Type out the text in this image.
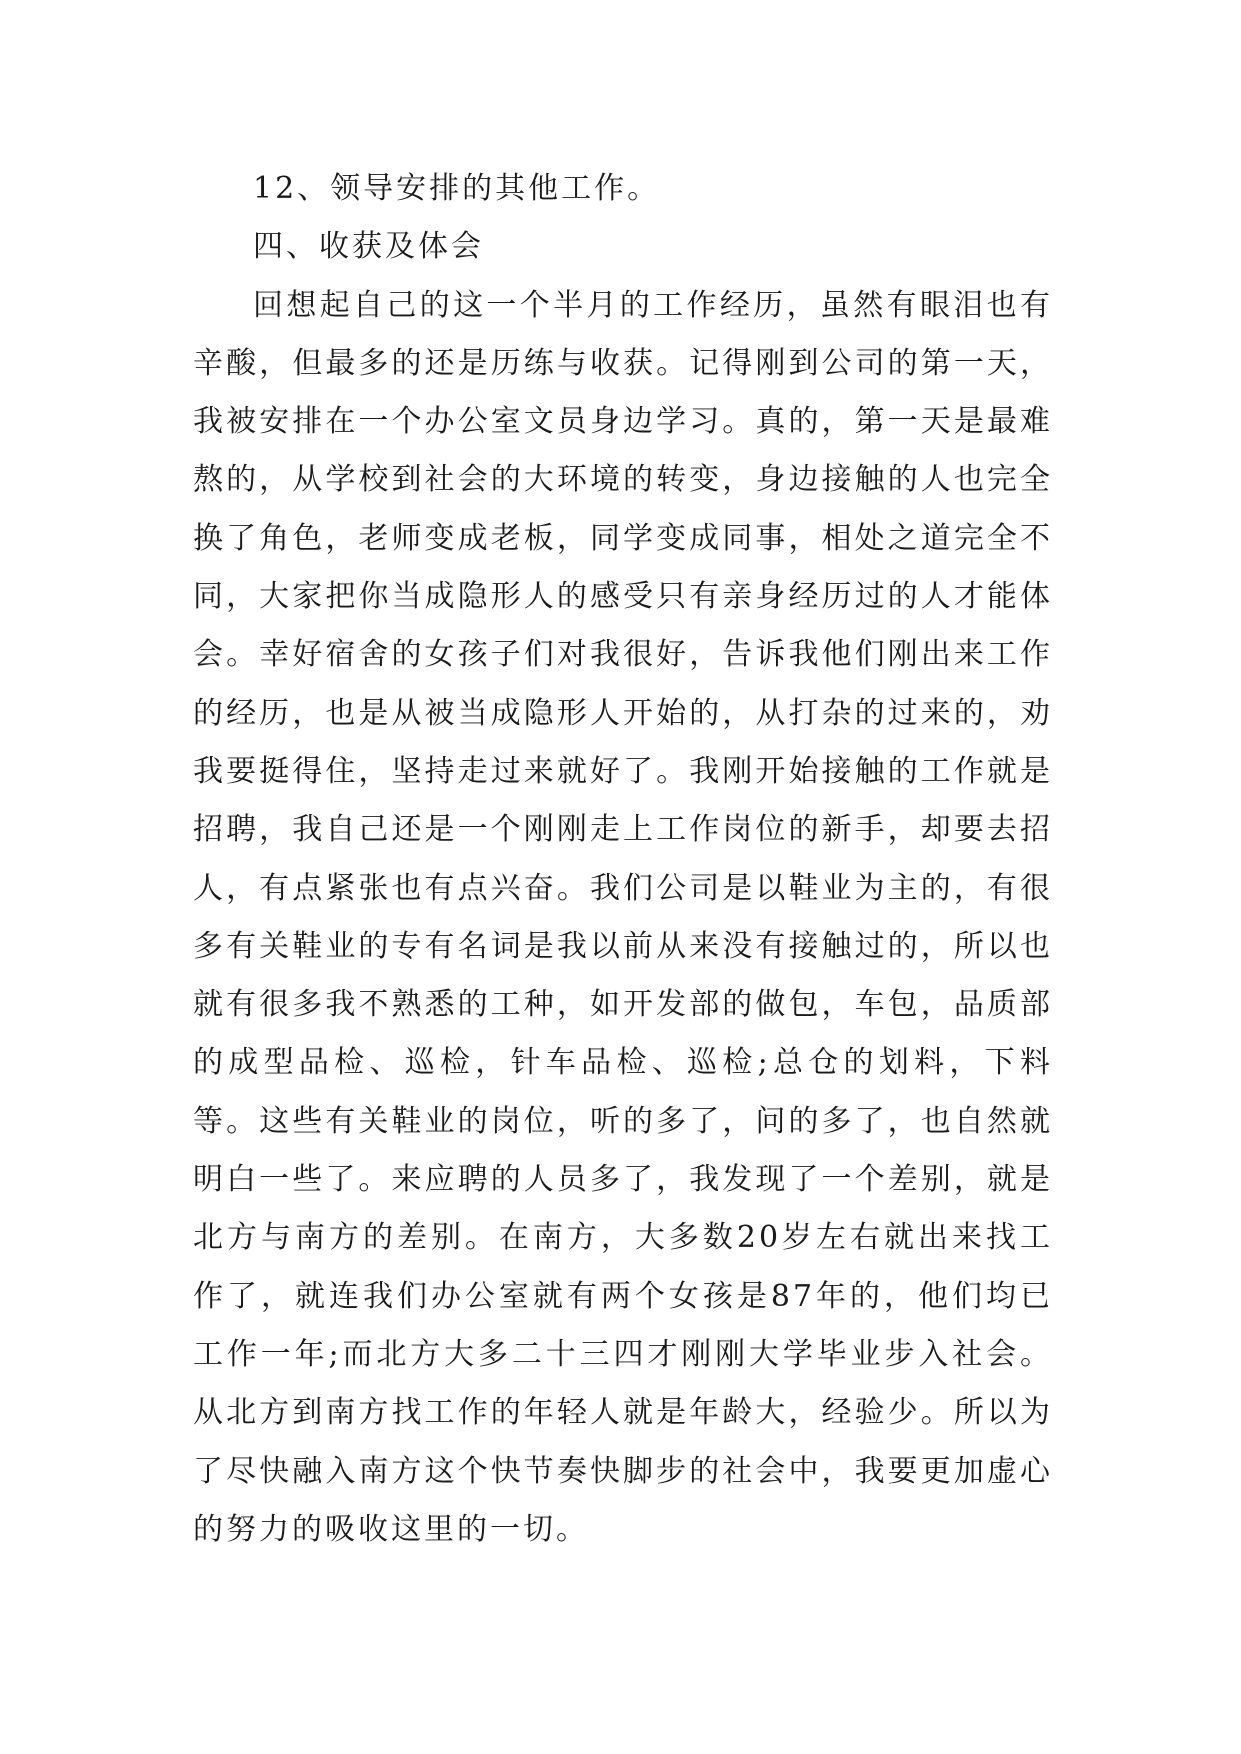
12、领导安排的其他工作。

四、收获及体会

回想起自己的这一个半月的工作经历，虽然有眼泪也有辛酸，但最多的还是历练与收获。记得刚到公司的第一天，我被安排在一个办公室文员身边学习。真的，第一天是最难熬的，从学校到社会的大环境的转变，身边接触的人也完全换了角色，老师变成老板，同学变成同事，相处之道完全不同，大家把你当成隐形人的感受只有亲身经历过的人才能体会。幸好宿舍的女孩子们对我很好，告诉我他们刚出来工作的经历，也是从被当成隐形人开始的，从打杂的过来的，劝我要挺得住，坚持走过来就好了。我刚开始接触的工作就是招聘，我自己还是一个刚刚走上工作岗位的新手，却要去招人，有点紧张也有点兴奋。我们公司是以鞋业为主的，有很多有关鞋业的专有名词是我以前从来没有接触过的，所以也就有很多我不熟悉的工种，如开发部的做包，车包，品质部的成型品检、巡检，针车品检、巡检;总仓的划料，下料等。这些有关鞋业的岗位，听的多了，问的多了，也自然就明白一些了。来应聘的人员多了，我发现了一个差别，就是北方与南方的差别。在南方，大多数20岁左右就出来找工作了，就连我们办公室就有两个女孩是87年的，他们均已工作一年;而北方大多二十三四才刚刚大学毕业步入社会。从北方到南方找工作的年轻人就是年龄大，经验少。所以为了尽快融入南方这个快节奏快脚步的社会中，我要更加虚心的努力的吸收这里的一切。
